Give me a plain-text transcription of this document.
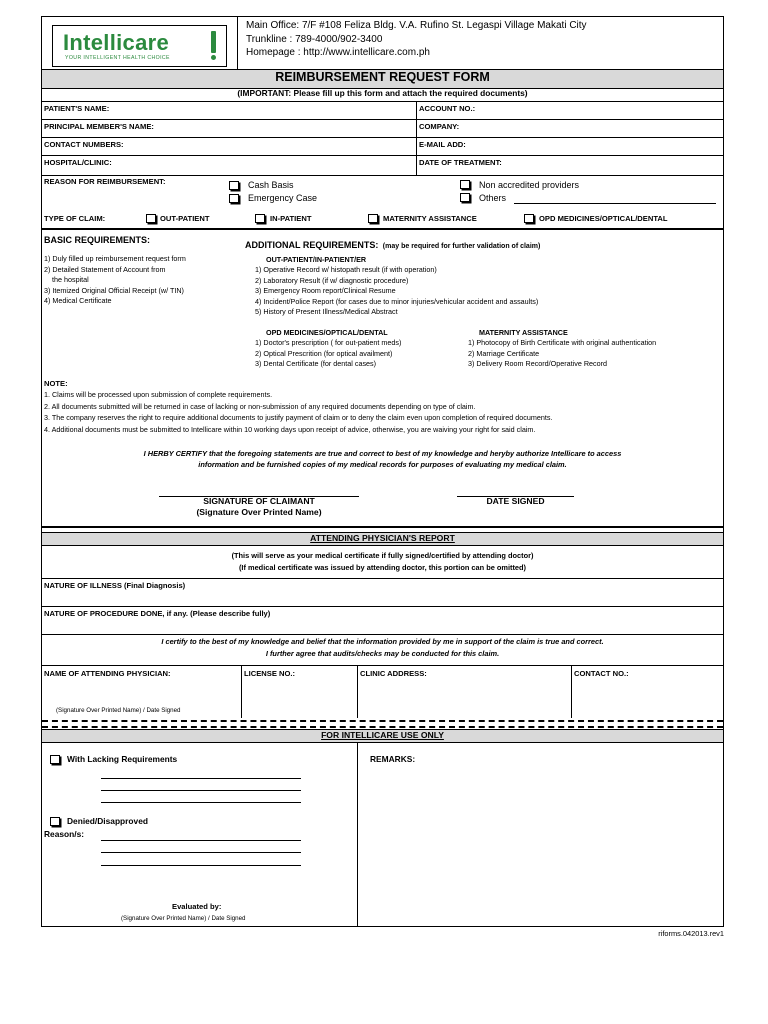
Intellicare
YOUR INTELLIGENT HEALTH CHOICE
Main Office: 7/F #108 Feliza Bldg. V.A. Rufino St. Legaspi Village Makati City
Trunkline : 789-4000/902-3400
Homepage : http://www.intellicare.com.ph
REIMBURSEMENT REQUEST FORM
(IMPORTANT: Please fill up this form and attach the required documents)
PATIENT'S NAME:	ACCOUNT NO.:
PRINCIPAL MEMBER'S NAME:	COMPANY:
CONTACT NUMBERS:	E-MAIL ADD:
HOSPITAL/CLINIC:	DATE OF TREATMENT:
REASON FOR REIMBURSEMENT:	Cash Basis
Emergency Case
Non accredited providers
Others
TYPE OF CLAIM:	OUT-PATIENT	IN-PATIENT	MATERNITY ASSISTANCE	OPD MEDICINES/OPTICAL/DENTAL
BASIC REQUIREMENTS:	ADDITIONAL REQUIREMENTS: (may be required for further validation of claim)
1) Duly filled up reimbursement request form
2) Detailed Statement of Account from
the hospital
3) Itemized Original Official Receipt (w/ TIN)
4) Medical Certificate
OUT-PATIENT/IN-PATIENT/ER
1) Operative Record w/ histopath result (if with operation)
2) Laboratory Result (if w/ diagnostic procedure)
3) Emergency Room report/Clinical Resume
4) Incident/Police Report (for cases due to minor injuries/vehicular accident and assaults)
5) History of Present Illness/Medical Abstract
OPD MEDICINES/OPTICAL/DENTAL
1) Doctor's prescription ( for out-patient meds)
2) Optical Prescrition (for optical availment)
3) Dental Certificate (for dental cases)
MATERNITY ASSISTANCE
1) Photocopy of Birth Certificate with original authentication
2) Marriage Certificate
3) Delivery Room Record/Operative Record
NOTE:
1. Claims will be processed upon submission of complete requirements.
2. All documents submitted will be returned in case of lacking or non-submission of any required documents depending on type of claim.
3. The company reserves the right to require additional documents to justify payment of claim or to deny the claim even upon completion of required documents.
4. Additional documents must be submitted to Intellicare within 10 working days upon receipt of advice, otherwise, you are waiving your right for said claim.
I HERBY CERTIFY that the foregoing statements are true and correct to best of my knowledge and heryby authorize Intellicare to access
information and be furnished copies of my medical records for purposes of evaluating my medical claim.
SIGNATURE OF CLAIMANT
(Signature Over Printed Name)
DATE SIGNED
ATTENDING PHYSICIAN'S REPORT
(This will serve as your medical certificate if fully signed/certified by attending doctor)
(If medical certificate was issued by attending doctor, this portion can be omitted)
NATURE OF ILLNESS (Final Diagnosis)
NATURE OF PROCEDURE DONE, if any. (Please describe fully)
I certify to the best of my knowledge and belief that the information provided by me in support of the claim is true and correct.
I further agree that audits/checks may be conducted for this claim.
NAME OF ATTENDING PHYSICIAN:	LICENSE NO.:	CLINIC ADDRESS:	CONTACT NO.:
(Signature Over Printed Name) / Date Signed
FOR INTELLICARE USE ONLY
With Lacking Requirements
Denied/Disapproved
Reason/s:
REMARKS:
Evaluated by:
(Signature Over Printed Name) / Date Signed
riforms.042013.rev1
